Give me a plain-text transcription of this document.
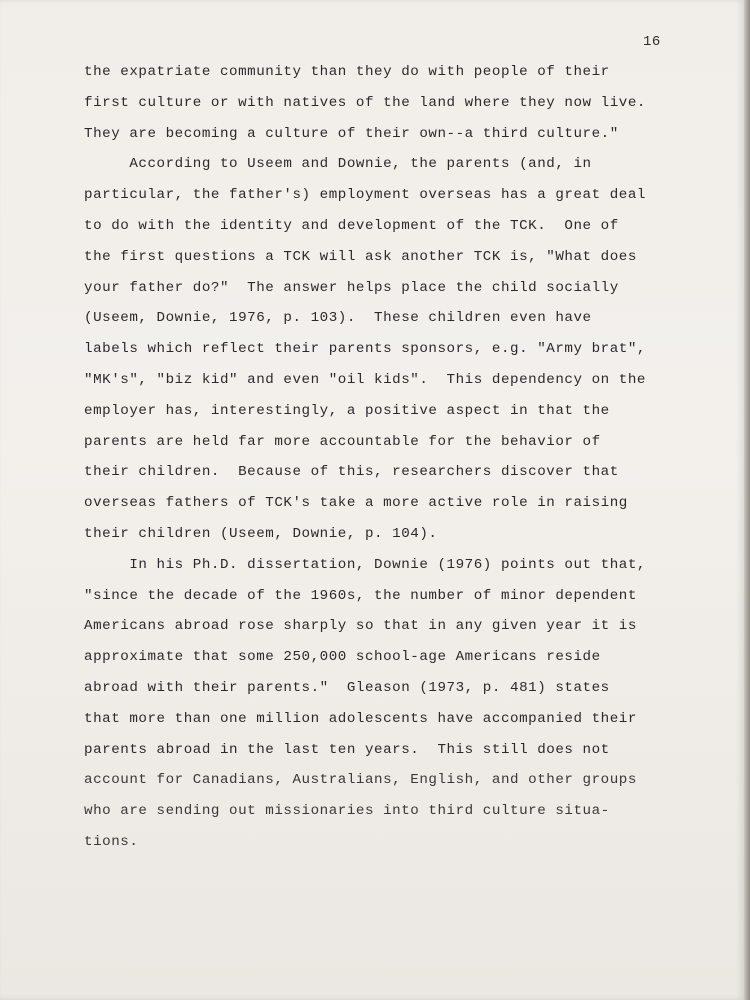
16
the expatriate community than they do with people of their
first culture or with natives of the land where they now live.
They are becoming a culture of their own--a third culture."
According to Useem and Downie, the parents (and, in
particular, the father's) employment overseas has a great deal
to do with the identity and development of the TCK.  One of
the first questions a TCK will ask another TCK is, "What does
your father do?"  The answer helps place the child socially
(Useem, Downie, 1976, p. 103).  These children even have
labels which reflect their parents sponsors, e.g. "Army brat",
"MK's", "biz kid" and even "oil kids".  This dependency on the
employer has, interestingly, a positive aspect in that the
parents are held far more accountable for the behavior of
their children.  Because of this, researchers discover that
overseas fathers of TCK's take a more active role in raising
their children (Useem, Downie, p. 104).
In his Ph.D. dissertation, Downie (1976) points out that,
"since the decade of the 1960s, the number of minor dependent
Americans abroad rose sharply so that in any given year it is
approximate that some 250,000 school-age Americans reside
abroad with their parents."  Gleason (1973, p. 481) states
that more than one million adolescents have accompanied their
parents abroad in the last ten years.  This still does not
account for Canadians, Australians, English, and other groups
who are sending out missionaries into third culture situa-
tions.
